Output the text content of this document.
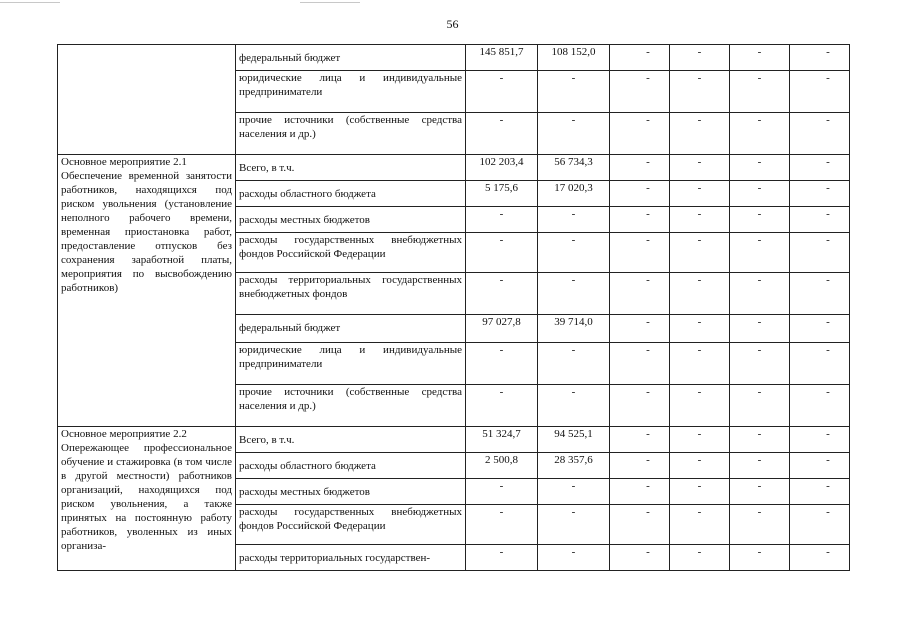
56
	федеральный бюджет	145 851,7	108 152,0	-	-	-	-
	юридические лица и индивидуальные предприниматели	-	-	-	-	-	-
	прочие источники (собственные средства населения и др.)	-	-	-	-	-	-

Основное мероприятие 2.1
Обеспечение временной занятости работников, находящихся под риском увольнения (установление неполного рабочего времени, временная приостановка работ, предоставление отпусков без сохранения заработной платы, мероприятия по высвобождению работников)	Всего, в т.ч.	102 203,4	56 734,3	-	-	-	-
	расходы областного бюджета	5 175,6	17 020,3	-	-	-	-
	расходы местных бюджетов	-	-	-	-	-	-
	расходы государственных внебюджетных фондов Российской Федерации	-	-	-	-	-	-
	расходы территориальных государственных внебюджетных фондов	-	-	-	-	-	-
	федеральный бюджет	97 027,8	39 714,0	-	-	-	-
	юридические лица и индивидуальные предприниматели	-	-	-	-	-	-
	прочие источники (собственные средства населения и др.)	-	-	-	-	-	-

Основное мероприятие 2.2
Опережающее профессиональное обучение и стажировка (в том числе в другой местности) работников организаций, находящихся под риском увольнения, а также принятых на постоянную работу работников, уволенных из иных организа-	Всего, в т.ч.	51 324,7	94 525,1	-	-	-	-
	расходы областного бюджета	2 500,8	28 357,6	-	-	-	-
	расходы местных бюджетов	-	-	-	-	-	-
	расходы государственных внебюджетных фондов Российской Федерации	-	-	-	-	-	-
	расходы территориальных государствен-	-	-	-	-	-	-
